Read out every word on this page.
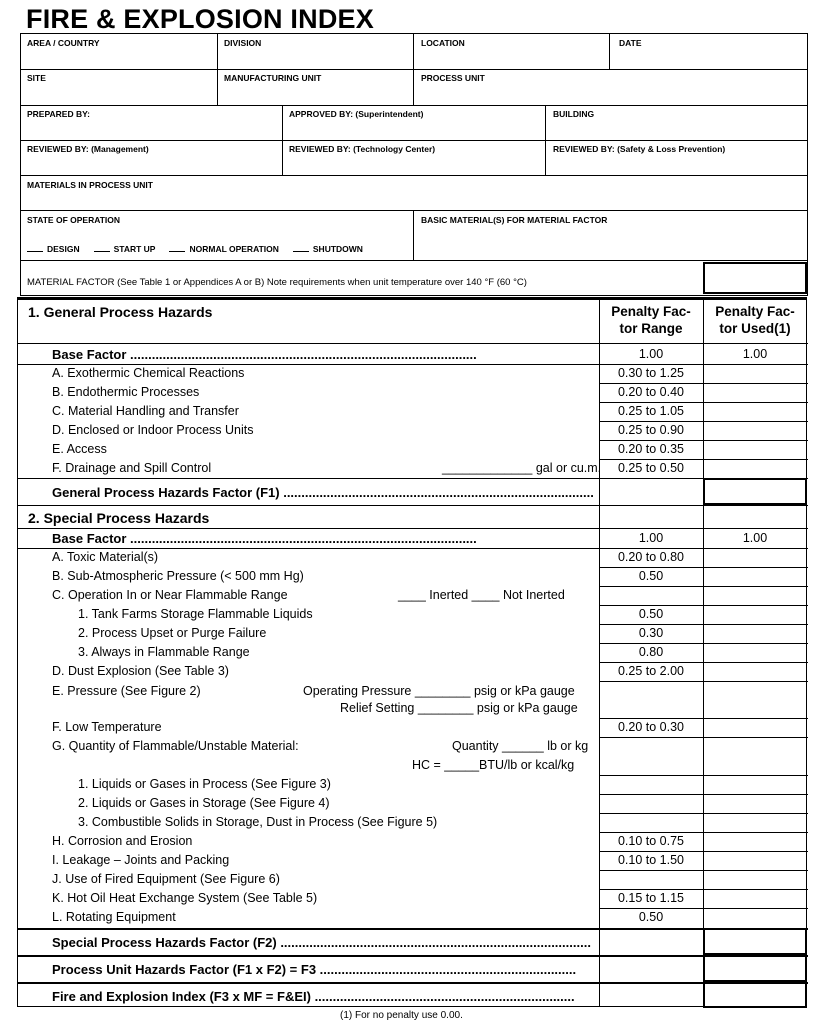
FIRE & EXPLOSION INDEX
AREA / COUNTRY	DIVISION	LOCATION	DATE
SITE	MANUFACTURING UNIT	PROCESS UNIT
PREPARED BY:	APPROVED BY: (Superintendent)	BUILDING
REVIEWED BY: (Management)	REVIEWED BY: (Technology Center)	REVIEWED BY: (Safety & Loss Prevention)
MATERIALS IN PROCESS UNIT
STATE OF OPERATION	BASIC MATERIAL(S) FOR MATERIAL FACTOR
DESIGN	START UP	NORMAL OPERATION	SHUTDOWN
MATERIAL FACTOR (See Table 1 or Appendices A or B) Note requirements when unit temperature over 140 °F (60 °C)
1. General Process Hazards	Penalty Fac-	Penalty Fac-
tor Range	tor Used(1)
Base Factor ................................................................................................	1.00	1.00
A. Exothermic Chemical Reactions	0.30 to 1.25
B. Endothermic Processes	0.20 to 0.40
C. Material Handling and Transfer	0.25 to 1.05
D. Enclosed or Indoor Process Units	0.25 to 0.90
E. Access	0.20 to 0.35
F. Drainage and Spill Control	_____________ gal or cu.m.	0.25 to 0.50
General Process Hazards Factor (F1) ......................................................................................
2. Special Process Hazards
Base Factor ................................................................................................	1.00	1.00
A. Toxic Material(s)	0.20 to 0.80
B. Sub-Atmospheric Pressure (< 500 mm Hg)	0.50
C. Operation In or Near Flammable Range	____ Inerted ____ Not Inerted
1. Tank Farms Storage Flammable Liquids	0.50
2. Process Upset or Purge Failure	0.30
3. Always in Flammable Range	0.80
D. Dust Explosion (See Table 3)	0.25 to 2.00
E. Pressure (See Figure 2)	Operating Pressure ________ psig or kPa gauge
Relief Setting ________ psig or kPa gauge
F. Low Temperature	0.20 to 0.30
G. Quantity of Flammable/Unstable Material:	Quantity ______ lb or kg
HC = _____BTU/lb or kcal/kg
1. Liquids or Gases in Process (See Figure 3)
2. Liquids or Gases in Storage (See Figure 4)
3. Combustible Solids in Storage, Dust in Process (See Figure 5)
H. Corrosion and Erosion	0.10 to 0.75
I. Leakage – Joints and Packing	0.10 to 1.50
J. Use of Fired Equipment (See Figure 6)
K. Hot Oil Heat Exchange System (See Table 5)	0.15 to 1.15
L. Rotating Equipment	0.50
Special Process Hazards Factor (F2) ......................................................................................
Process Unit Hazards Factor (F1 x F2) = F3 .......................................................................
Fire and Explosion Index (F3 x MF = F&EI) ........................................................................
(1) For no penalty use 0.00.
